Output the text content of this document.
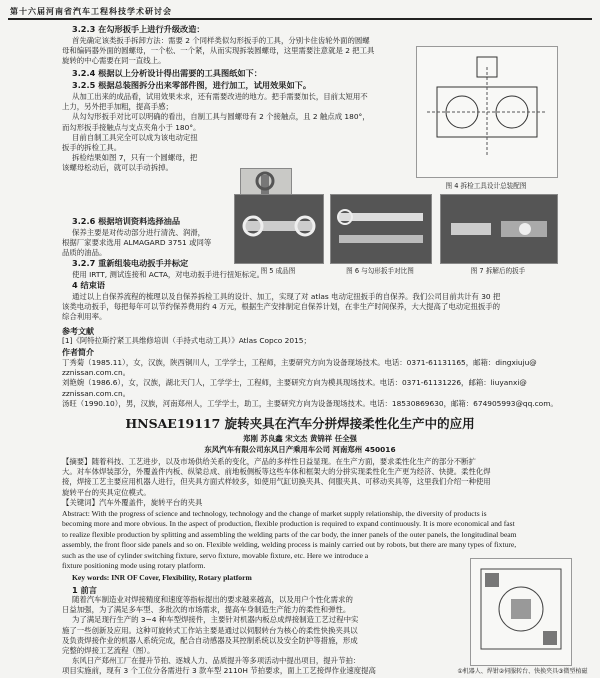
第十六届河南省汽车工程科技学术研讨会
3.2.3 在勾形扳手上进行升级改造：
首先确定该类扳手拆卸方法：需要 2 个同样类似勾形扳手的工具，分别卡住齿轮外面的圆螺
母和编码器外面的圆螺母，一个松、一个紧，从而实现拆装圆螺母，这里需要注意就是 2 把工具
旋转的中心需要在同一直线上。
3.2.4 根据以上分析设计得出需要的工具图纸如下：
3.2.5 根据总装图拆分出来零部件图，进行加工，试用效果如下。
从加工出来的成品看，试用效果未求，还有需要改进的地方。把手需要加长，目前太短用不
上力，另外把手加粗，提高手感；
从勾勾形扳手对比可以明确的看出，自制工具与圆螺母有 2 个接触点，且 2 触点成 180°，
而勾形扳手接触点与支点夹角小于 180°。
目前自制工具完全可以成为该电动定扭
扳手的拆检工具。
拆检结果如图 7，只有一个圆螺母，把
该螺母松动后，就可以手动拆掉。
图 4 拆检工具设计总装配图
3.2.6 根据培训资料选择油品
保养主要是对传动部分进行清洗、润滑，
根据厂家要求选用 ALMAGARD 3751 或同等
品质的油品。
图 5 成品图	图 6 与勾形扳手对比图	图 7 拆解后的扳手
3.2.7 重新组装电动扳手并标定
使用 IRTT, 测试连接和 ACTA，对电动扳手进行扭矩标定。
4 结束语
通过以上自保养流程的梳理以及自保养拆检工具的设计、加工，实现了对 atlas 电动定扭扳手的自保养。我们公司目前共计有 30 把
该类电动扳手，每把每年可以节约保养费用约 4 万元，根据生产安排制定自保养计划，在非生产时间保养，大大提高了电动定扭扳手的
综合利用率。
参考文献
[1]《阿特拉斯拧紧工具维修培训（手持式电动工具）》Atlas Copco 2015；
作者简介
丁秀菊（1985.11），女，汉族，陕西铜川人，工学学士，工程师，主要研究方向为设备现场技术。电话：0371-61131165，邮箱：dingxiuju@
zznissan.com.cn。
刘艳婉（1986.6），女，汉族，湖北天门人，工学学士，工程师，主要研究方向为模具现场技术。电话：0371-61131226，邮箱：liuyanxi@
zznissan.com.cn。
汤旺（1990.10），男，汉族，河南郑州人，工学学士，助工，主要研究方向为设备现场技术。电话：18530869630，邮箱：674905993@qq.com。
HNSAE19117 旋转夹具在汽车分拼焊接柔性化生产中的应用
郑刚 苏良鑫 宋文杰 黄锦祥 任全强
东风汽车有限公司东风日产乘用车公司 河南郑州 450016
【摘要】随着科技、工艺进步，以及市场供给关系的变化，产品的多样性日益显现。在生产方面，要求柔性化生产的部分不断扩
大。对车体焊装部分，外覆盖件内板、纵梁总成、前地板侧板等这些车体和框架大的分拼实现柔性化生产更为经济、快捷。柔性化焊
接，焊接工艺主要应用机器人进行，但夹具方面式样较多，如使用气缸切换夹具、伺服夹具、可移动夹具等，这里我们介绍一种使用
旋转平台的夹具定位模式。
【关键词】汽车外覆盖件，旋转平台的夹具
Abstract: With the progress of science and technology, technology and the change of market supply relationship, the diversity of products is
becoming more and more obvious. In the aspect of production, flexible production is required to expand continuously. It is more economical and fast
to realize flexible production by splitting and assembling the welding parts of the car body, the inner panels of the outer panels, the longitudinal beam
assembly, the front floor side panels and so on. Flexible welding, welding process is mainly carried out by robots, but there are many types of fixture,
such as the use of cylinder switching fixture, servo fixture, movable fixture, etc. Here we introduce a
fixture positioning mode using rotary platform.
Key words: INR OF Cover, Flexibility, Rotary platform
1 前言
随着汽车制造业对焊接精度和速度等指标提出的要求越来越高，以及用户个性化需求的
日益加强，为了满足多车型、多批次的市场需求，提高车身制造生产能力的柔性和弹性。
为了满足现行生产的 3~4 种车型焊接件，主要针对机器内板总成焊接制造工艺过程中实
施了一些创新及应用。这种可旋转式工作站主要是通过以伺服转台为核心的柔性快换夹具以
及负责焊接作业的机器人系统完成，配合自动感器及其控制系统以及安全防护等措施，形成
完整的焊接工艺流程（图）。
东风日产郑州工厂在提升节拍、逐城人力、品质提升等多项活动中提出项目，提升节拍：
项目实施前，现有 3 个工位分各需进行 3 款车型 2110H 节拍要求，面上工艺接焊作业速度提高	①机器人、焊钳②伺服转台、快换夹具③微型植磁
